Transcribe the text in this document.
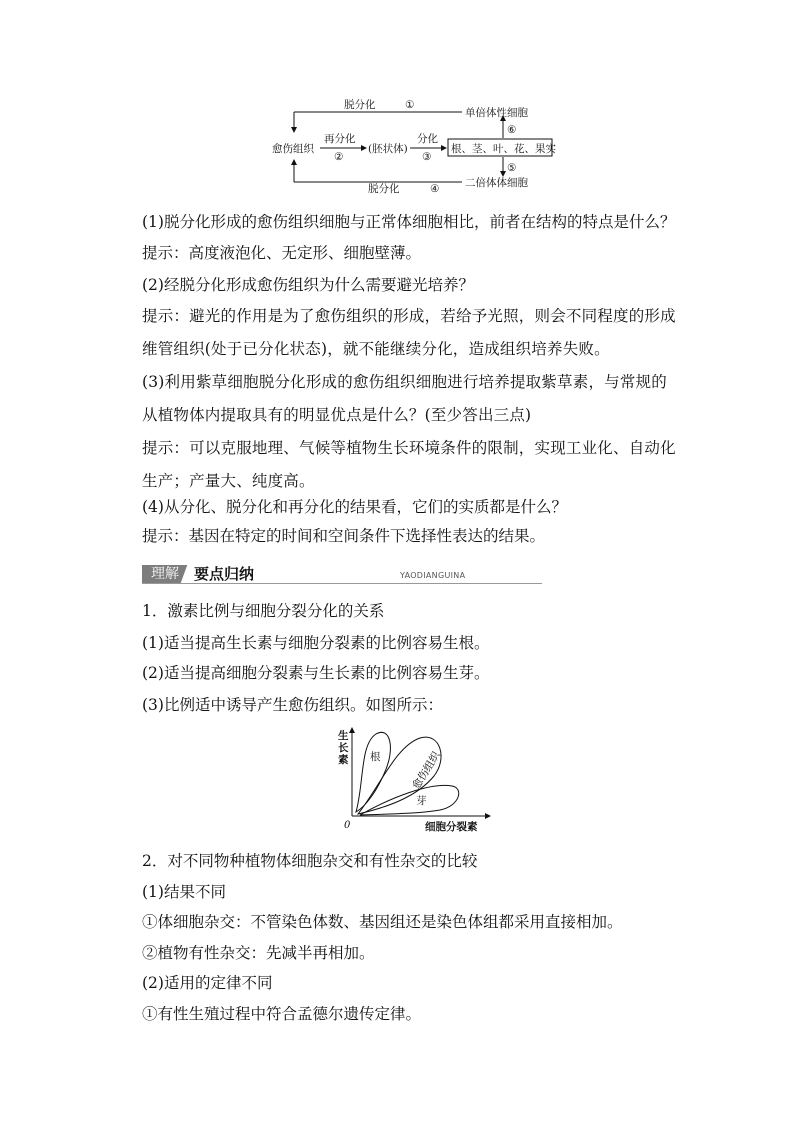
脱分化	①
单倍体性细胞
⑥
愈伤组织
再分化
②
(胚状体)
分化
③
根、茎、叶、花、果实
⑤
脱分化	④ 二倍体体细胞
(1)脱分化形成的愈伤组织细胞与正常体细胞相比，前者在结构的特点是什么？
提示：高度液泡化、无定形、细胞壁薄。
(2)经脱分化形成愈伤组织为什么需要避光培养？
提示：避光的作用是为了愈伤组织的形成，若给予光照，则会不同程度的形成维管组织(处于已分化状态)，就不能继续分化，造成组织培养失败。
(3)利用紫草细胞脱分化形成的愈伤组织细胞进行培养提取紫草素，与常规的从植物体内提取具有的明显优点是什么？(至少答出三点)
提示：可以克服地理、气候等植物生长环境条件的限制，实现工业化、自动化生产；产量大、纯度高。
(4)从分化、脱分化和再分化的结果看，它们的实质都是什么？
提示：基因在特定的时间和空间条件下选择性表达的结果。
理解	要点归纳	YAODIANGUINA
1．激素比例与细胞分裂分化的关系
(1)适当提高生长素与细胞分裂素的比例容易生根。
(2)适当提高细胞分裂素与生长素的比例容易生芽。
(3)比例适中诱导产生愈伤组织。如图所示：
根	愈伤组织
芽
0
生长素
细胞分裂素
2．对不同物种植物体细胞杂交和有性杂交的比较
(1)结果不同
①体细胞杂交：不管染色体数、基因组还是染色体组都采用直接相加。
②植物有性杂交：先减半再相加。
(2)适用的定律不同
①有性生殖过程中符合孟德尔遗传定律。
